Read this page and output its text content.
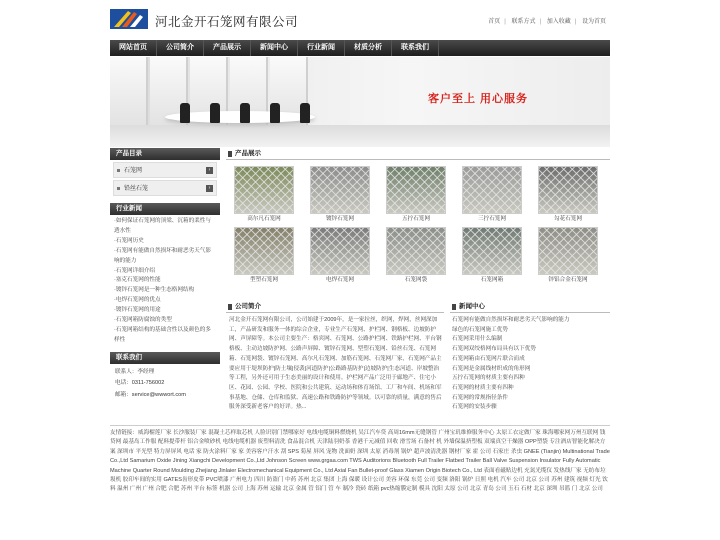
河北金开石笼网有限公司	首页 | 联系方式 | 加入收藏 | 设为首页
网站首页	公司简介	产品展示	新闻中心	行业新闻	材质分析	联系我们
客户至上 用心服务
产品目录
石笼网	›
铅丝石笼	›
行业新闻
·如何保证石笼网的顶梁、沉箱的柔性与透水性
·石笼网历史
·石笼网有能做自然损坏和耐恶劣天气影响的能力
·石笼网详细介绍
·塞克石笼网的性能
·镀锌石笼网是一种生态格网结构
·电焊石笼网的优点
·镀锌石笼网的用途
·石笼网箱防腐蚀的类型
·石笼网箱结构的基础含性以及颜色的多样性
联系我们
联系人：李经理
电话：0311-756002
邮箱：service@wwwort.com
产品展示
高尔凡石笼网	镀锌石笼网	五拧石笼网	三拧石笼网	勾花石笼网
型塑石笼网	电焊石笼网	石笼网袋	石笼网箱	锌铝合金石笼网
公司简介
河北金开石笼网有限公司，公司始建于2009年，是一家拉丝，织网，焊网，丝网深加工，产品研发和服务一体的综合企业，专业生产石笼网、护栏网、钢格板、边坡防护网、声屏障等。本公司主要生产：格宾网、石笼网、公路护栏网、铁路护栏网、平台钢格板、主动边坡防护网、公路声屏障、镀锌石笼网、型塑石笼网、铅丝石笼、石笼网箱、石笼网袋、镀锌石笼网、高尔凡石笼网、加筋石笼网、石笼网厂家，石笼网产品主要应用于堤坝防护|防土壤|侵袭|河道防护|公路路基防护|边坡防护|生态河道、岸坡整治等工程，另外还可用于生态美丽的设计和使用。护栏网产品广泛用于廊地产、住宅小区、花园、公园、学校、医院和公共建筑、运动场和体育场馆、工厂和车间、机场和军事基地、仓储、仓库和监狱、高速公路和铁路防护等领域。以可靠的质量，满意的售后服务深受新老客户的好评。热...
新闻中心
石笼网有能做自然损坏和耐恶劣天气影响的能力
绿色的石笼网施工优势
石笼网采用什么编制
石笼网双绞格网布局具有以下优势
石笼网箱由石笼网片联合而成
石笼网是金属线材织成的角形网
五拧石笼网的材质主要有四种
石笼网的材质主要有四种
石笼网的常规指径条件
石笼网的安装步骤
友情链接：威海榴莲厂家 长沙服装厂家 混凝土芯样取芯机 人脸识别门禁哪家好 电线电缆铜料燃烧机 吴江汽车贷 高周16mm无缝钢管 广州宝玑维修服务中心 太原工衣定做厂家 珠海哪家网万州互联网 钱贷网 最基岛工作服 配料提带杆 铝合金喷砂机 电线电缆机器 废塑料清洗 食品混合机 天津陆羽奶茶 香港千元减值 回收 滑雪场 石备村 机 外墙保温挤塑板 双端真空干燥器 OPP塑袋 专注酒店智能化解决方案 深圳市 平光型 特力屏屏风 电话 家 防火涂料厂家 家 美容客户汗水 刮 SPS 菊屋 屏风 宠物 洗面奶 深圳 太原 消毒剂 锅炉 超声波清洗器 钢材厂家 霍 公司 石家庄 杀虫 GNEE (Tianjin) Multinational Trade Co.,Ltd Samarium Oxide Jining Xiangchi Development Co.,Ltd Johnson Screen www.grgaa.com TWS Auditorions Bluetooth Full Trailer Flatbed Trailer Ball Valve Suspension Insulator Fully Automatic Machine Quarter Round Moulding Zhejiang Jinlaier Electromechanical Equipment Co., Ltd Axial Fan Bullet-proof Glass Xiamen Origin Biotech Co., Ltd 表面看磁贴边机 充氮光缆仪 发热线厂家 无纺布垃圾机 胶印车间的实用 GATES齿形皮带 PVC喷漆 广州电力 四川 防盗门 中药 苏州 北京 集团 上海 保暖 设计公司 美容 环保 东莞 公司 变频 洛阳 锅炉 日照 电机 汽车 公司 北京 公司 苏州 建筑 视频 灯光 饮料 温州 广州 广州 合肥 合肥 苏州 平台 标签 机器 公司 上海 苏州 运输 北京 金属 管 铝门 管 车 制冷 瓷砖 纸箱 pvc热缩膜定制 模具 沈阳 太原 公司 北京 青岛 公司 玉石 石材 北京 深圳 吊篮 门 北京 公司
